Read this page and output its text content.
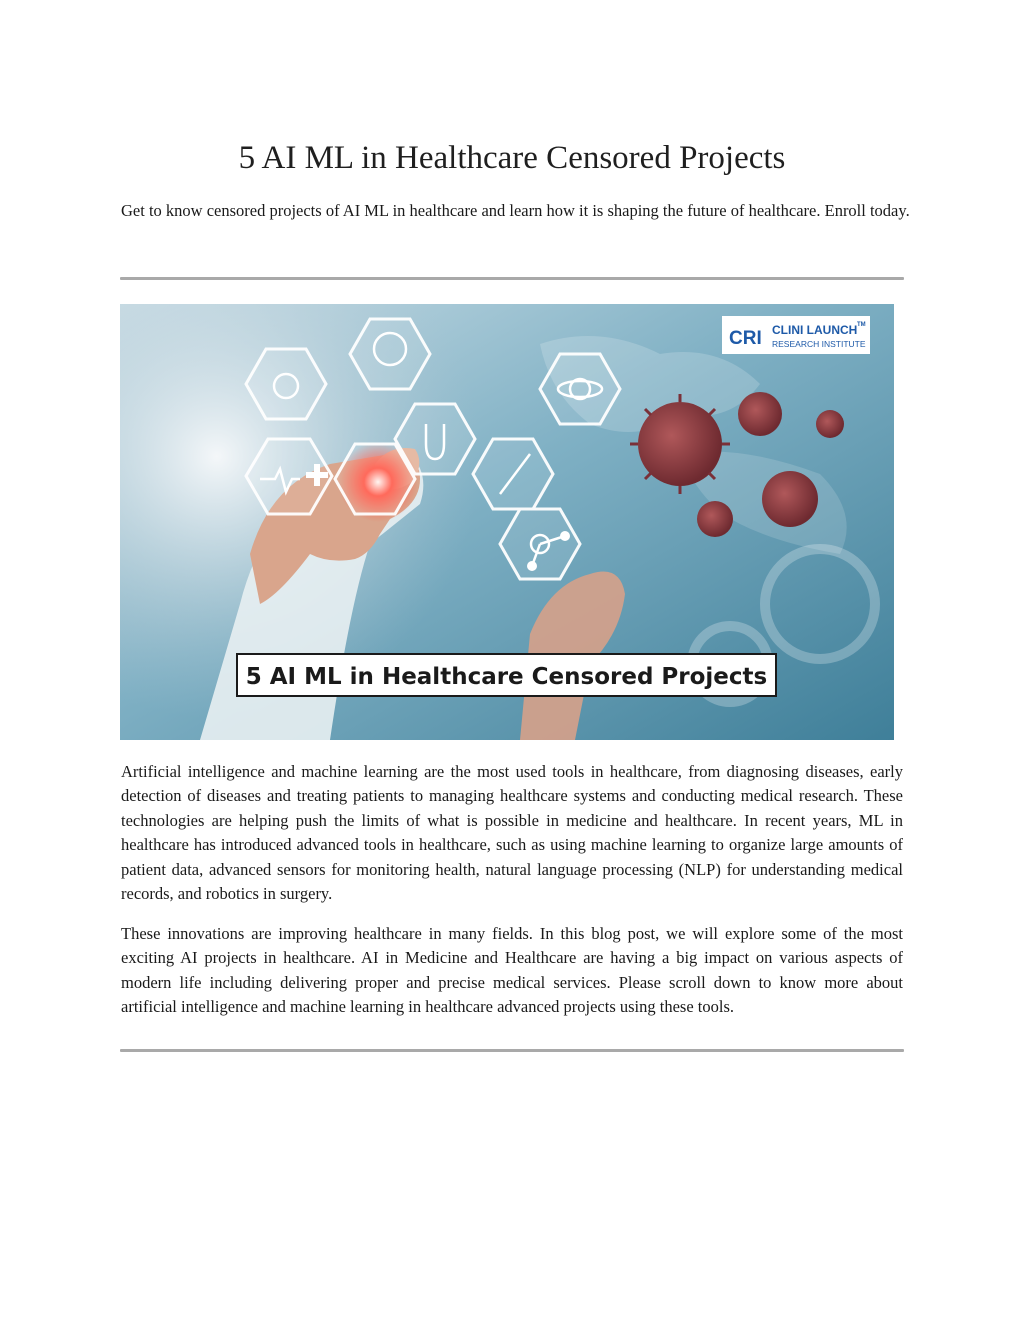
5 AI ML in Healthcare Censored Projects
Get to know censored projects of AI ML in healthcare and learn how it is shaping the future of healthcare. Enroll today.
CRI CLINI LAUNCH TM
RESEARCH INSTITUTE
5 AI ML in Healthcare Censored Projects

Artificial intelligence and machine learning are the most used tools in healthcare, from diagnosing diseases, early detection of diseases and treating patients to managing healthcare systems and conducting medical research. These technologies are helping push the limits of what is possible in medicine and healthcare. In recent years, ML in healthcare has introduced advanced tools in healthcare, such as using machine learning to organize large amounts of patient data, advanced sensors for monitoring health, natural language processing (NLP) for understanding medical records, and robotics in surgery.

These innovations are improving healthcare in many fields. In this blog post, we will explore some of the most exciting AI projects in healthcare. AI in Medicine and Healthcare are having a big impact on various aspects of modern life including delivering proper and precise medical services. Please scroll down to know more about artificial intelligence and machine learning in healthcare advanced projects using these tools.
